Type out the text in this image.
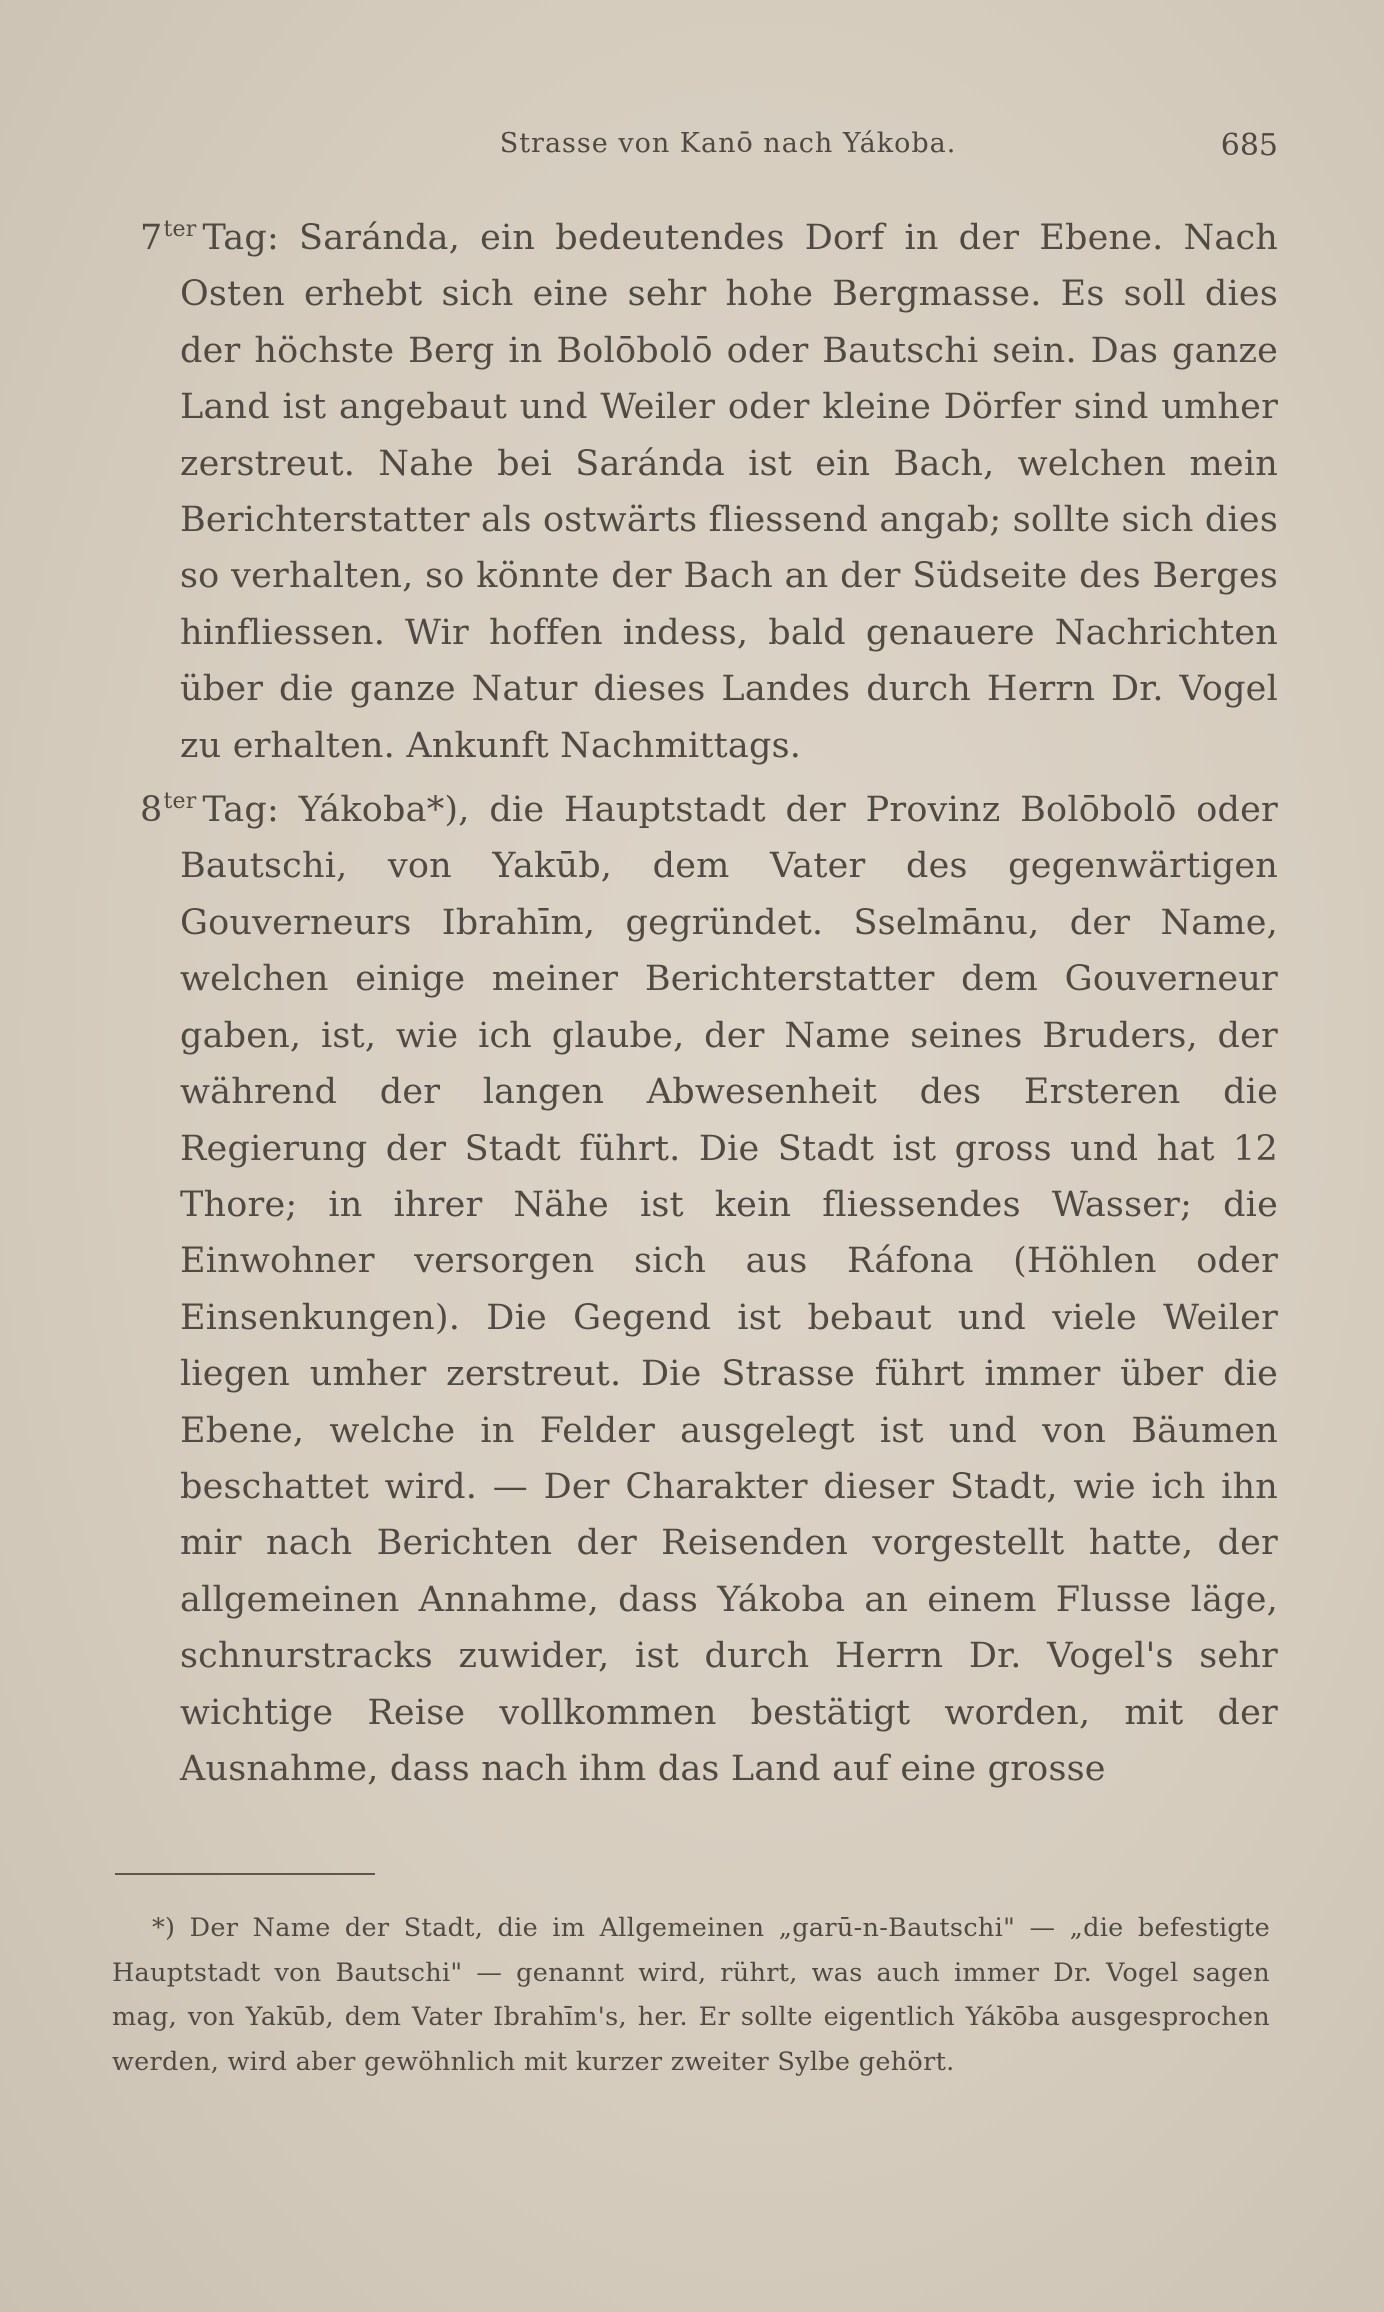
Strasse von Kanō nach Yákoba.	685

$7^{ter}$ Tag: Saránda, ein bedeutendes Dorf in der Ebene. Nach Osten erhebt sich eine sehr hohe Bergmasse. Es soll dies der höchste Berg in Bolōbolō oder Bautschi sein. Das ganze Land ist angebaut und Weiler oder kleine Dörfer sind umher zerstreut. Nahe bei Saránda ist ein Bach, welchen mein Berichterstatter als ostwärts fliessend angab; sollte sich dies so verhalten, so könnte der Bach an der Südseite des Berges hinfliessen. Wir hoffen indess, bald genauere Nachrichten über die ganze Natur dieses Landes durch Herrn Dr. Vogel zu erhalten. Ankunft Nachmittags.

$8^{ter}$ Tag: Yákoba*), die Hauptstadt der Provinz Bolōbolō oder Bautschi, von Yakūb, dem Vater des gegenwärtigen Gouverneurs Ibrahīm, gegründet. Sselmānu, der Name, welchen einige meiner Berichterstatter dem Gouverneur gaben, ist, wie ich glaube, der Name seines Bruders, der während der langen Abwesenheit des Ersteren die Regierung der Stadt führt. Die Stadt ist gross und hat 12 Thore; in ihrer Nähe ist kein fliessendes Wasser; die Einwohner versorgen sich aus Ráfona (Höhlen oder Einsenkungen). Die Gegend ist bebaut und viele Weiler liegen umher zerstreut. Die Strasse führt immer über die Ebene, welche in Felder ausgelegt ist und von Bäumen beschattet wird. — Der Charakter dieser Stadt, wie ich ihn mir nach Berichten der Reisenden vorgestellt hatte, der allgemeinen Annahme, dass Yákoba an einem Flusse läge, schnurstracks zuwider, ist durch Herrn Dr. Vogel's sehr wichtige Reise vollkommen bestätigt worden, mit der Ausnahme, dass nach ihm das Land auf eine grosse

*) Der Name der Stadt, die im Allgemeinen „garū-n-Bautschi" — „die befestigte Hauptstadt von Bautschi" — genannt wird, rührt, was auch immer Dr. Vogel sagen mag, von Yakūb, dem Vater Ibrahīm's, her. Er sollte eigentlich Yákōba ausgesprochen werden, wird aber gewöhnlich mit kurzer zweiter Sylbe gehört.
